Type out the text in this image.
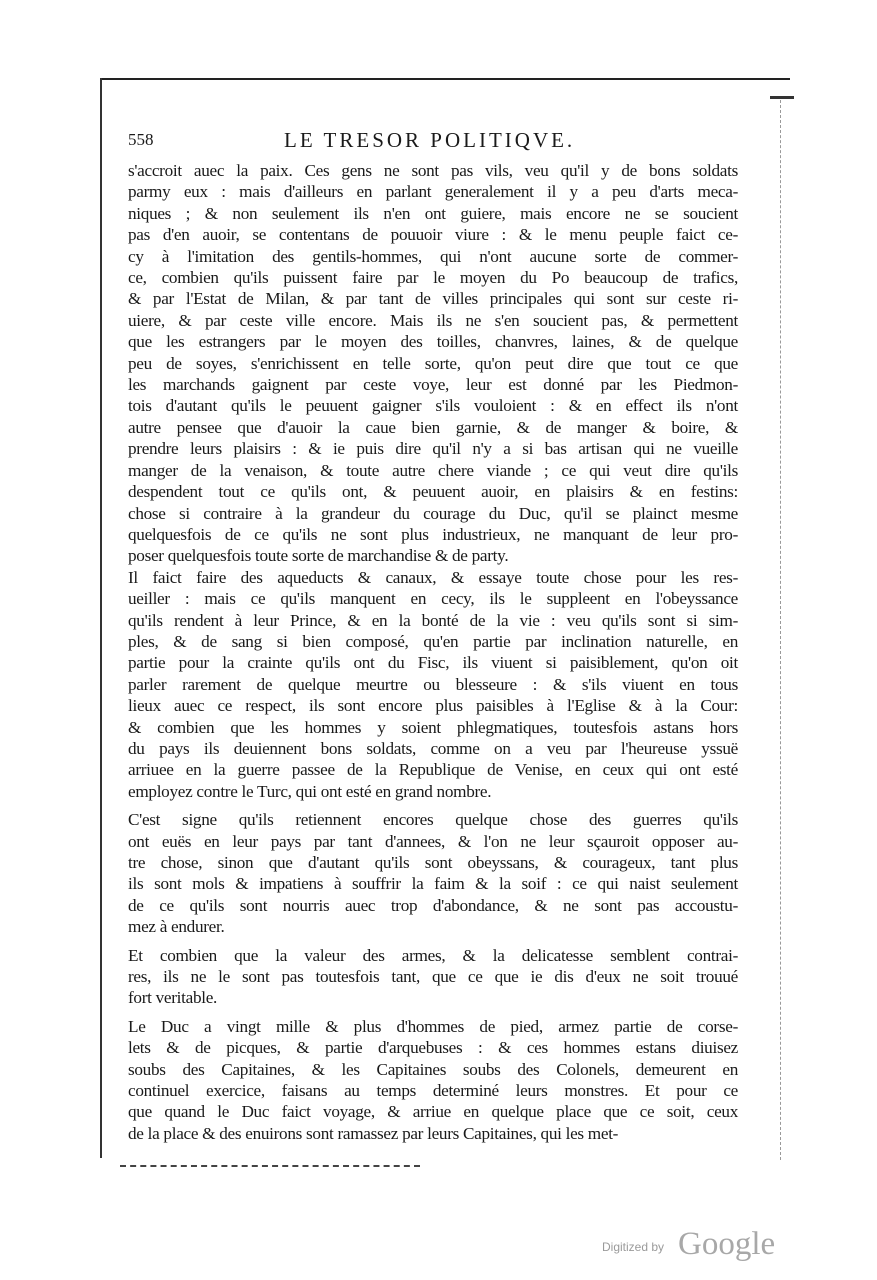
558	LE TRESOR POLITIQVE.
s'accroit auec la paix. Ces gens ne sont pas vils, veu qu'il y de bons soldats
parmy eux : mais d'ailleurs en parlant generalement il y a peu d'arts meca-
niques ; & non seulement ils n'en ont guiere, mais encore ne se soucient
pas d'en auoir, se contentans de pouuoir viure : & le menu peuple faict ce-
cy à l'imitation des gentils-hommes, qui n'ont aucune sorte de commer-
ce, combien qu'ils puissent faire par le moyen du Po beaucoup de trafics,
& par l'Estat de Milan, & par tant de villes principales qui sont sur ceste ri-
uiere, & par ceste ville encore. Mais ils ne s'en soucient pas, & permettent
que les estrangers par le moyen des toilles, chanvres, laines, & de quelque
peu de soyes, s'enrichissent en telle sorte, qu'on peut dire que tout ce que
les marchands gaignent par ceste voye, leur est donné par les Piedmon-
tois d'autant qu'ils le peuuent gaigner s'ils vouloient : & en effect ils n'ont
autre pensee que d'auoir la caue bien garnie, & de manger & boire, &
prendre leurs plaisirs : & ie puis dire qu'il n'y a si bas artisan qui ne vueille
manger de la venaison, & toute autre chere viande ; ce qui veut dire qu'ils
despendent tout ce qu'ils ont, & peuuent auoir, en plaisirs & en festins:
chose si contraire à la grandeur du courage du Duc, qu'il se plainct mesme
quelquesfois de ce qu'ils ne sont plus industrieux, ne manquant de leur pro-
poser quelquesfois toute sorte de marchandise & de party.
Il faict faire des aqueducts & canaux, & essaye toute chose pour les res-
ueiller : mais ce qu'ils manquent en cecy, ils le suppleent en l'obeyssance
qu'ils rendent à leur Prince, & en la bonté de la vie : veu qu'ils sont si sim-
ples, & de sang si bien composé, qu'en partie par inclination naturelle, en
partie pour la crainte qu'ils ont du Fisc, ils viuent si paisiblement, qu'on oit
parler rarement de quelque meurtre ou blesseure : & s'ils viuent en tous
lieux auec ce respect, ils sont encore plus paisibles à l'Eglise & à la Cour:
& combien que les hommes y soient phlegmatiques, toutesfois astans hors
du pays ils deuiennent bons soldats, comme on a veu par l'heureuse yssuë
arriuee en la guerre passee de la Republique de Venise, en ceux qui ont esté
employez contre le Turc, qui ont esté en grand nombre.
C'est signe qu'ils retiennent encores quelque chose des guerres qu'ils
ont euës en leur pays par tant d'annees, & l'on ne leur sçauroit opposer au-
tre chose, sinon que d'autant qu'ils sont obeyssans, & courageux, tant plus
ils sont mols & impatiens à souffrir la faim & la soif : ce qui naist seulement
de ce qu'ils sont nourris auec trop d'abondance, & ne sont pas accoustu-
mez à endurer.
Et combien que la valeur des armes, & la delicatesse semblent contrai-
res, ils ne le sont pas toutesfois tant, que ce que ie dis d'eux ne soit trouué
fort veritable.
Le Duc a vingt mille & plus d'hommes de pied, armez partie de corse-
lets & de picques, & partie d'arquebuses : & ces hommes estans diuisez
soubs des Capitaines, & les Capitaines soubs des Colonels, demeurent en
continuel exercice, faisans au temps determiné leurs monstres. Et pour ce
que quand le Duc faict voyage, & arriue en quelque place que ce soit, ceux
de la place & des enuirons sont ramassez par leurs Capitaines, qui les met-
Digitized by Google
